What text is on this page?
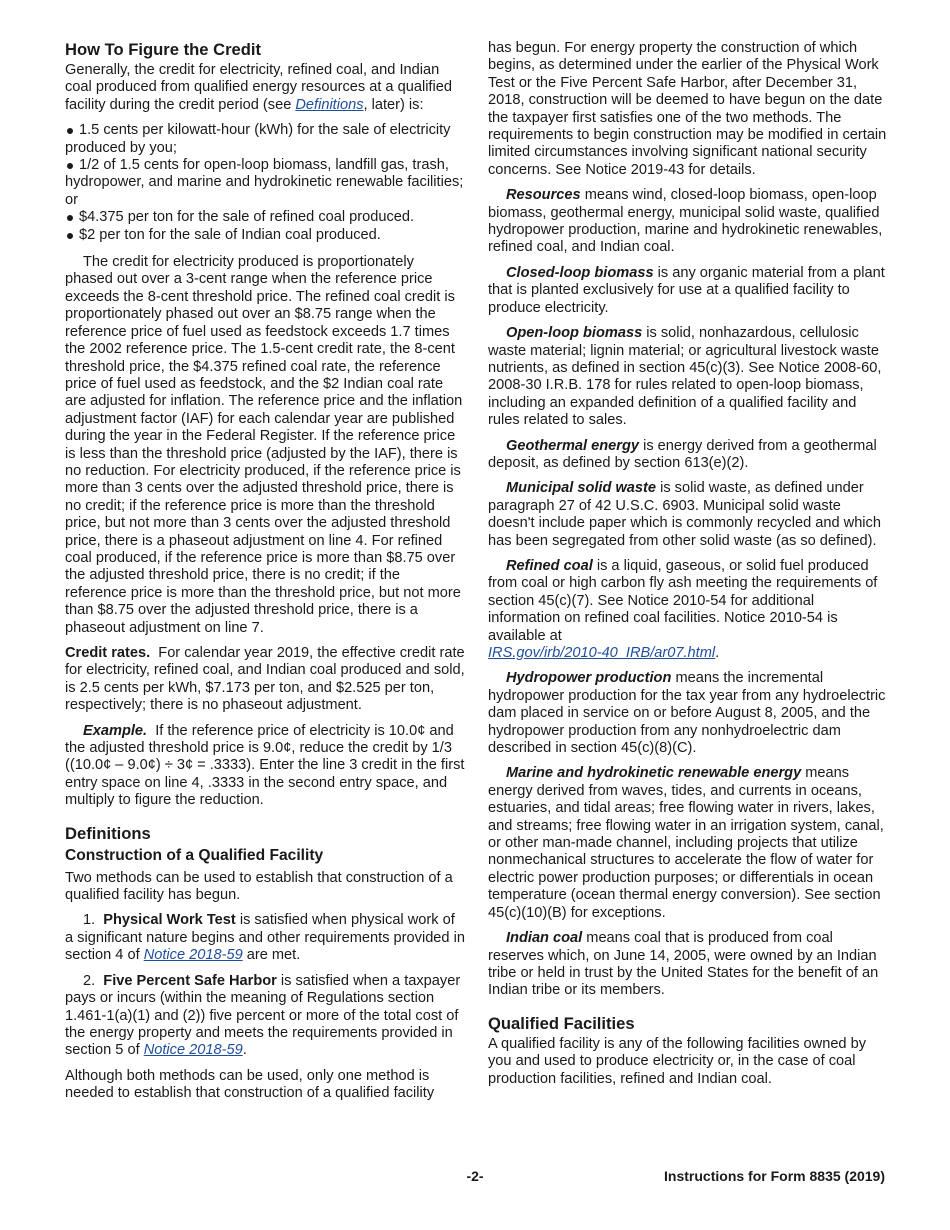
How To Figure the Credit

Generally, the credit for electricity, refined coal, and Indian coal produced from qualified energy resources at a qualified facility during the credit period (see Definitions, later) is:

1.5 cents per kilowatt-hour (kWh) for the sale of electricity produced by you;
1/2 of 1.5 cents for open-loop biomass, landfill gas, trash, hydropower, and marine and hydrokinetic renewable facilities; or
$4.375 per ton for the sale of refined coal produced.
$2 per ton for the sale of Indian coal produced.

The credit for electricity produced is proportionately phased out over a 3-cent range when the reference price exceeds the 8-cent threshold price. The refined coal credit is proportionately phased out over an $8.75 range when the reference price of fuel used as feedstock exceeds 1.7 times the 2002 reference price. The 1.5-cent credit rate, the 8-cent threshold price, the $4.375 refined coal rate, the reference price of fuel used as feedstock, and the $2 Indian coal rate are adjusted for inflation. The reference price and the inflation adjustment factor (IAF) for each calendar year are published during the year in the Federal Register. If the reference price is less than the threshold price (adjusted by the IAF), there is no reduction. For electricity produced, if the reference price is more than 3 cents over the adjusted threshold price, there is no credit; if the reference price is more than the threshold price, but not more than 3 cents over the adjusted threshold price, there is a phaseout adjustment on line 4. For refined coal produced, if the reference price is more than $8.75 over the adjusted threshold price, there is no credit; if the reference price is more than the threshold price, but not more than $8.75 over the adjusted threshold price, there is a phaseout adjustment on line 7.

Credit rates. For calendar year 2019, the effective credit rate for electricity, refined coal, and Indian coal produced and sold, is 2.5 cents per kWh, $7.173 per ton, and $2.525 per ton, respectively; there is no phaseout adjustment.

Example. If the reference price of electricity is 10.0¢ and the adjusted threshold price is 9.0¢, reduce the credit by 1/3 ((10.0¢ – 9.0¢) ÷ 3¢ = .3333). Enter the line 3 credit in the first entry space on line 4, .3333 in the second entry space, and multiply to figure the reduction.

Definitions
Construction of a Qualified Facility

Two methods can be used to establish that construction of a qualified facility has begun.

1. Physical Work Test is satisfied when physical work of a significant nature begins and other requirements provided in section 4 of Notice 2018-59 are met.

2. Five Percent Safe Harbor is satisfied when a taxpayer pays or incurs (within the meaning of Regulations section 1.461-1(a)(1) and (2)) five percent or more of the total cost of the energy property and meets the requirements provided in section 5 of Notice 2018-59.

Although both methods can be used, only one method is needed to establish that construction of a qualified facility

has begun. For energy property the construction of which begins, as determined under the earlier of the Physical Work Test or the Five Percent Safe Harbor, after December 31, 2018, construction will be deemed to have begun on the date the taxpayer first satisfies one of the two methods. The requirements to begin construction may be modified in certain limited circumstances involving significant national security concerns. See Notice 2019-43 for details.

Resources means wind, closed-loop biomass, open-loop biomass, geothermal energy, municipal solid waste, qualified hydropower production, marine and hydrokinetic renewables, refined coal, and Indian coal.

Closed-loop biomass is any organic material from a plant that is planted exclusively for use at a qualified facility to produce electricity.

Open-loop biomass is solid, nonhazardous, cellulosic waste material; lignin material; or agricultural livestock waste nutrients, as defined in section 45(c)(3). See Notice 2008-60, 2008-30 I.R.B. 178 for rules related to open-loop biomass, including an expanded definition of a qualified facility and rules related to sales.

Geothermal energy is energy derived from a geothermal deposit, as defined by section 613(e)(2).

Municipal solid waste is solid waste, as defined under paragraph 27 of 42 U.S.C. 6903. Municipal solid waste doesn't include paper which is commonly recycled and which has been segregated from other solid waste (as so defined).

Refined coal is a liquid, gaseous, or solid fuel produced from coal or high carbon fly ash meeting the requirements of section 45(c)(7). See Notice 2010-54 for additional information on refined coal facilities. Notice 2010-54 is available at
IRS.gov/irb/2010-40_IRB/ar07.html.

Hydropower production means the incremental hydropower production for the tax year from any hydroelectric dam placed in service on or before August 8, 2005, and the hydropower production from any nonhydroelectric dam described in section 45(c)(8)(C).

Marine and hydrokinetic renewable energy means energy derived from waves, tides, and currents in oceans, estuaries, and tidal areas; free flowing water in rivers, lakes, and streams; free flowing water in an irrigation system, canal, or other man-made channel, including projects that utilize nonmechanical structures to accelerate the flow of water for electric power production purposes; or differentials in ocean temperature (ocean thermal energy conversion). See section 45(c)(10)(B) for exceptions.

Indian coal means coal that is produced from coal reserves which, on June 14, 2005, were owned by an Indian tribe or held in trust by the United States for the benefit of an Indian tribe or its members.

Qualified Facilities

A qualified facility is any of the following facilities owned by you and used to produce electricity or, in the case of coal production facilities, refined and Indian coal.

-2-	Instructions for Form 8835 (2019)
